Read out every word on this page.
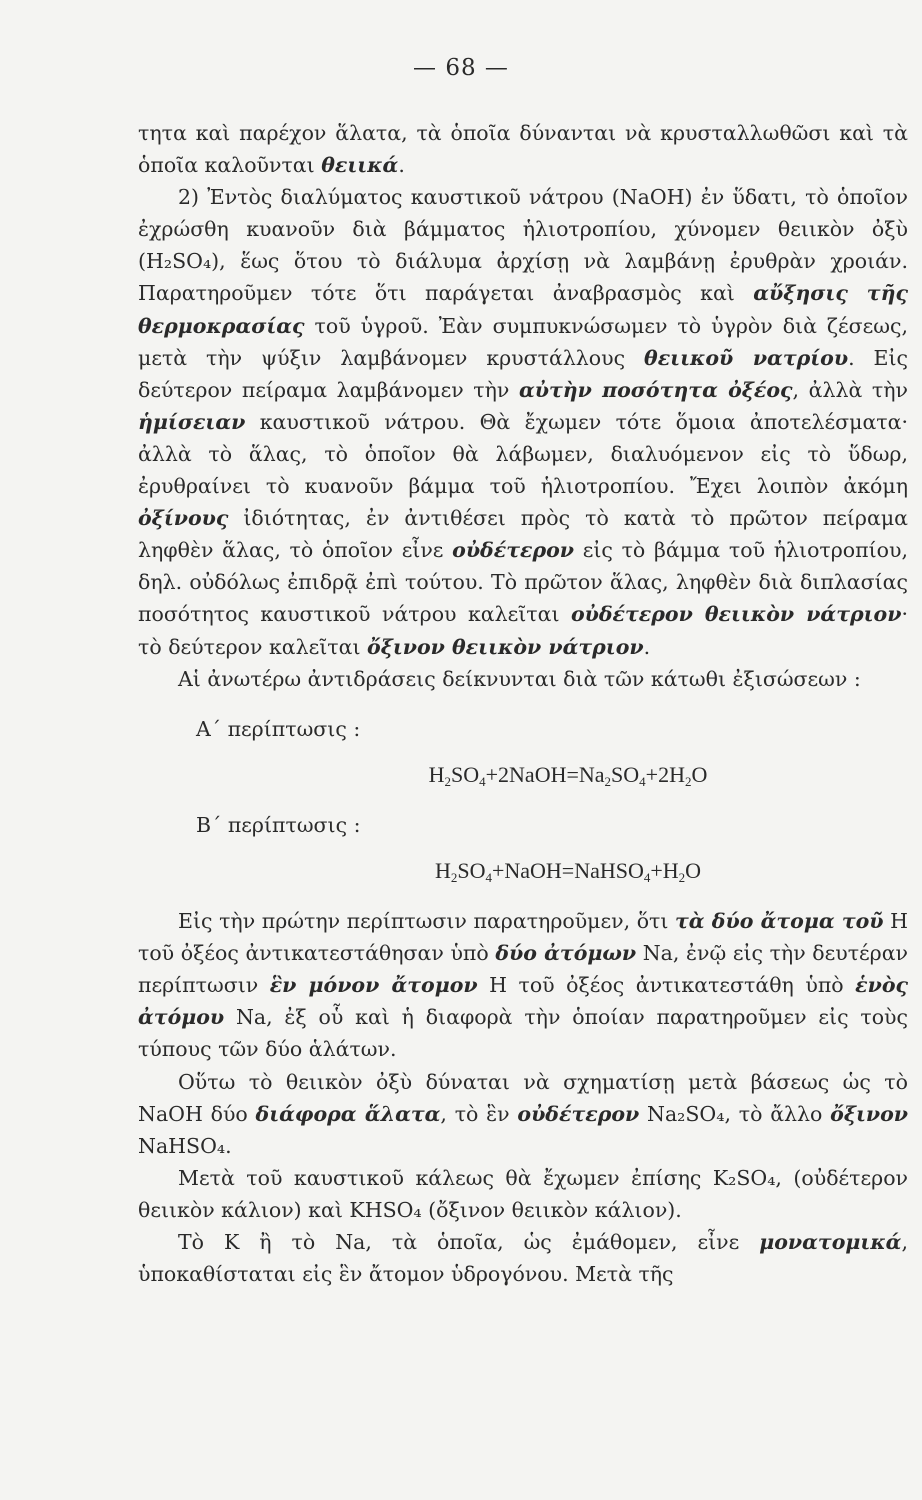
— 68 —

τητα καὶ παρέχον ἅλατα, τὰ ὁποῖα δύνανται νὰ κρυσταλλωθῶσι καὶ τὰ ὁποῖα καλοῦνται θειικά.

2) Ἐντὸς διαλύματος καυστικοῦ νάτρου (NaOH) ἐν ὕδατι, τὸ ὁποῖον ἐχρώσθη κυανοῦν διὰ βάμματος ἡλιοτροπίου, χύνομεν θειικὸν ὀξὺ (H₂SO₄), ἕως ὅτου τὸ διάλυμα ἀρχίσῃ νὰ λαμβάνῃ ἐρυθρὰν χροιάν. Παρατηροῦμεν τότε ὅτι παράγεται ἀναβρασμὸς καὶ αὔξησις τῆς θερμοκρασίας τοῦ ὑγροῦ. Ἐὰν συμπυκνώσωμεν τὸ ὑγρὸν διὰ ζέσεως, μετὰ τὴν ψύξιν λαμβάνομεν κρυστάλλους θειικοῦ νατρίου. Εἰς δεύτερον πείραμα λαμβάνομεν τὴν αὐτὴν ποσότητα ὀξέος, ἀλλὰ τὴν ἡμίσειαν καυστικοῦ νάτρου. Θὰ ἔχωμεν τότε ὅμοια ἀποτελέσματα· ἀλλὰ τὸ ἅλας, τὸ ὁποῖον θὰ λάβωμεν, διαλυόμενον εἰς τὸ ὕδωρ, ἐρυθραίνει τὸ κυανοῦν βάμμα τοῦ ἡλιοτροπίου. Ἔχει λοιπὸν ἀκόμη ὀξίνους ἰδιότητας, ἐν ἀντιθέσει πρὸς τὸ κατὰ τὸ πρῶτον πείραμα ληφθὲν ἅλας, τὸ ὁποῖον εἶνε οὐδέτερον εἰς τὸ βάμμα τοῦ ἡλιοτροπίου, δηλ. οὐδόλως ἐπιδρᾷ ἐπὶ τούτου. Τὸ πρῶτον ἅλας, ληφθὲν διὰ διπλασίας ποσότητος καυστικοῦ νάτρου καλεῖται οὐδέτερον θειικὸν νάτριον· τὸ δεύτερον καλεῖται ὄξινον θειικὸν νάτριον.

Αἱ ἀνωτέρω ἀντιδράσεις δείκνυνται διὰ τῶν κάτωθι ἐξισώσεων :

Α΄ περίπτωσις :
$H_2SO_4+2NaOH=Na_2SO_4+2H_2O$
Β΄ περίπτωσις :
$H_2SO_4+NaOH=NaHSO_4+H_2O$

Εἰς τὴν πρώτην περίπτωσιν παρατηροῦμεν, ὅτι τὰ δύο ἄτομα τοῦ H τοῦ ὀξέος ἀντικατεστάθησαν ὑπὸ δύο ἀτόμων Na, ἐνῷ εἰς τὴν δευτέραν περίπτωσιν ἓν μόνον ἄτομον H τοῦ ὀξέος ἀντικατεστάθη ὑπὸ ἑνὸς ἀτόμου Na, ἐξ οὗ καὶ ἡ διαφορὰ τὴν ὁποίαν παρατηροῦμεν εἰς τοὺς τύπους τῶν δύο ἁλάτων.

Οὕτω τὸ θειικὸν ὀξὺ δύναται νὰ σχηματίσῃ μετὰ βάσεως ὡς τὸ NaOH δύο διάφορα ἅλατα, τὸ ἓν οὐδέτερον Na₂SO₄, τὸ ἄλλο ὄξινον NaHSO₄.

Μετὰ τοῦ καυστικοῦ κάλεως θὰ ἔχωμεν ἐπίσης K₂SO₄, (οὐδέτερον θειικὸν κάλιον) καὶ KHSO₄ (ὄξινον θειικὸν κάλιον).

Τὸ K ἢ τὸ Na, τὰ ὁποῖα, ὡς ἐμάθομεν, εἶνε μονατομικά, ὑποκαθίσταται εἰς ἓν ἄτομον ὑδρογόνου. Μετὰ τῆς
